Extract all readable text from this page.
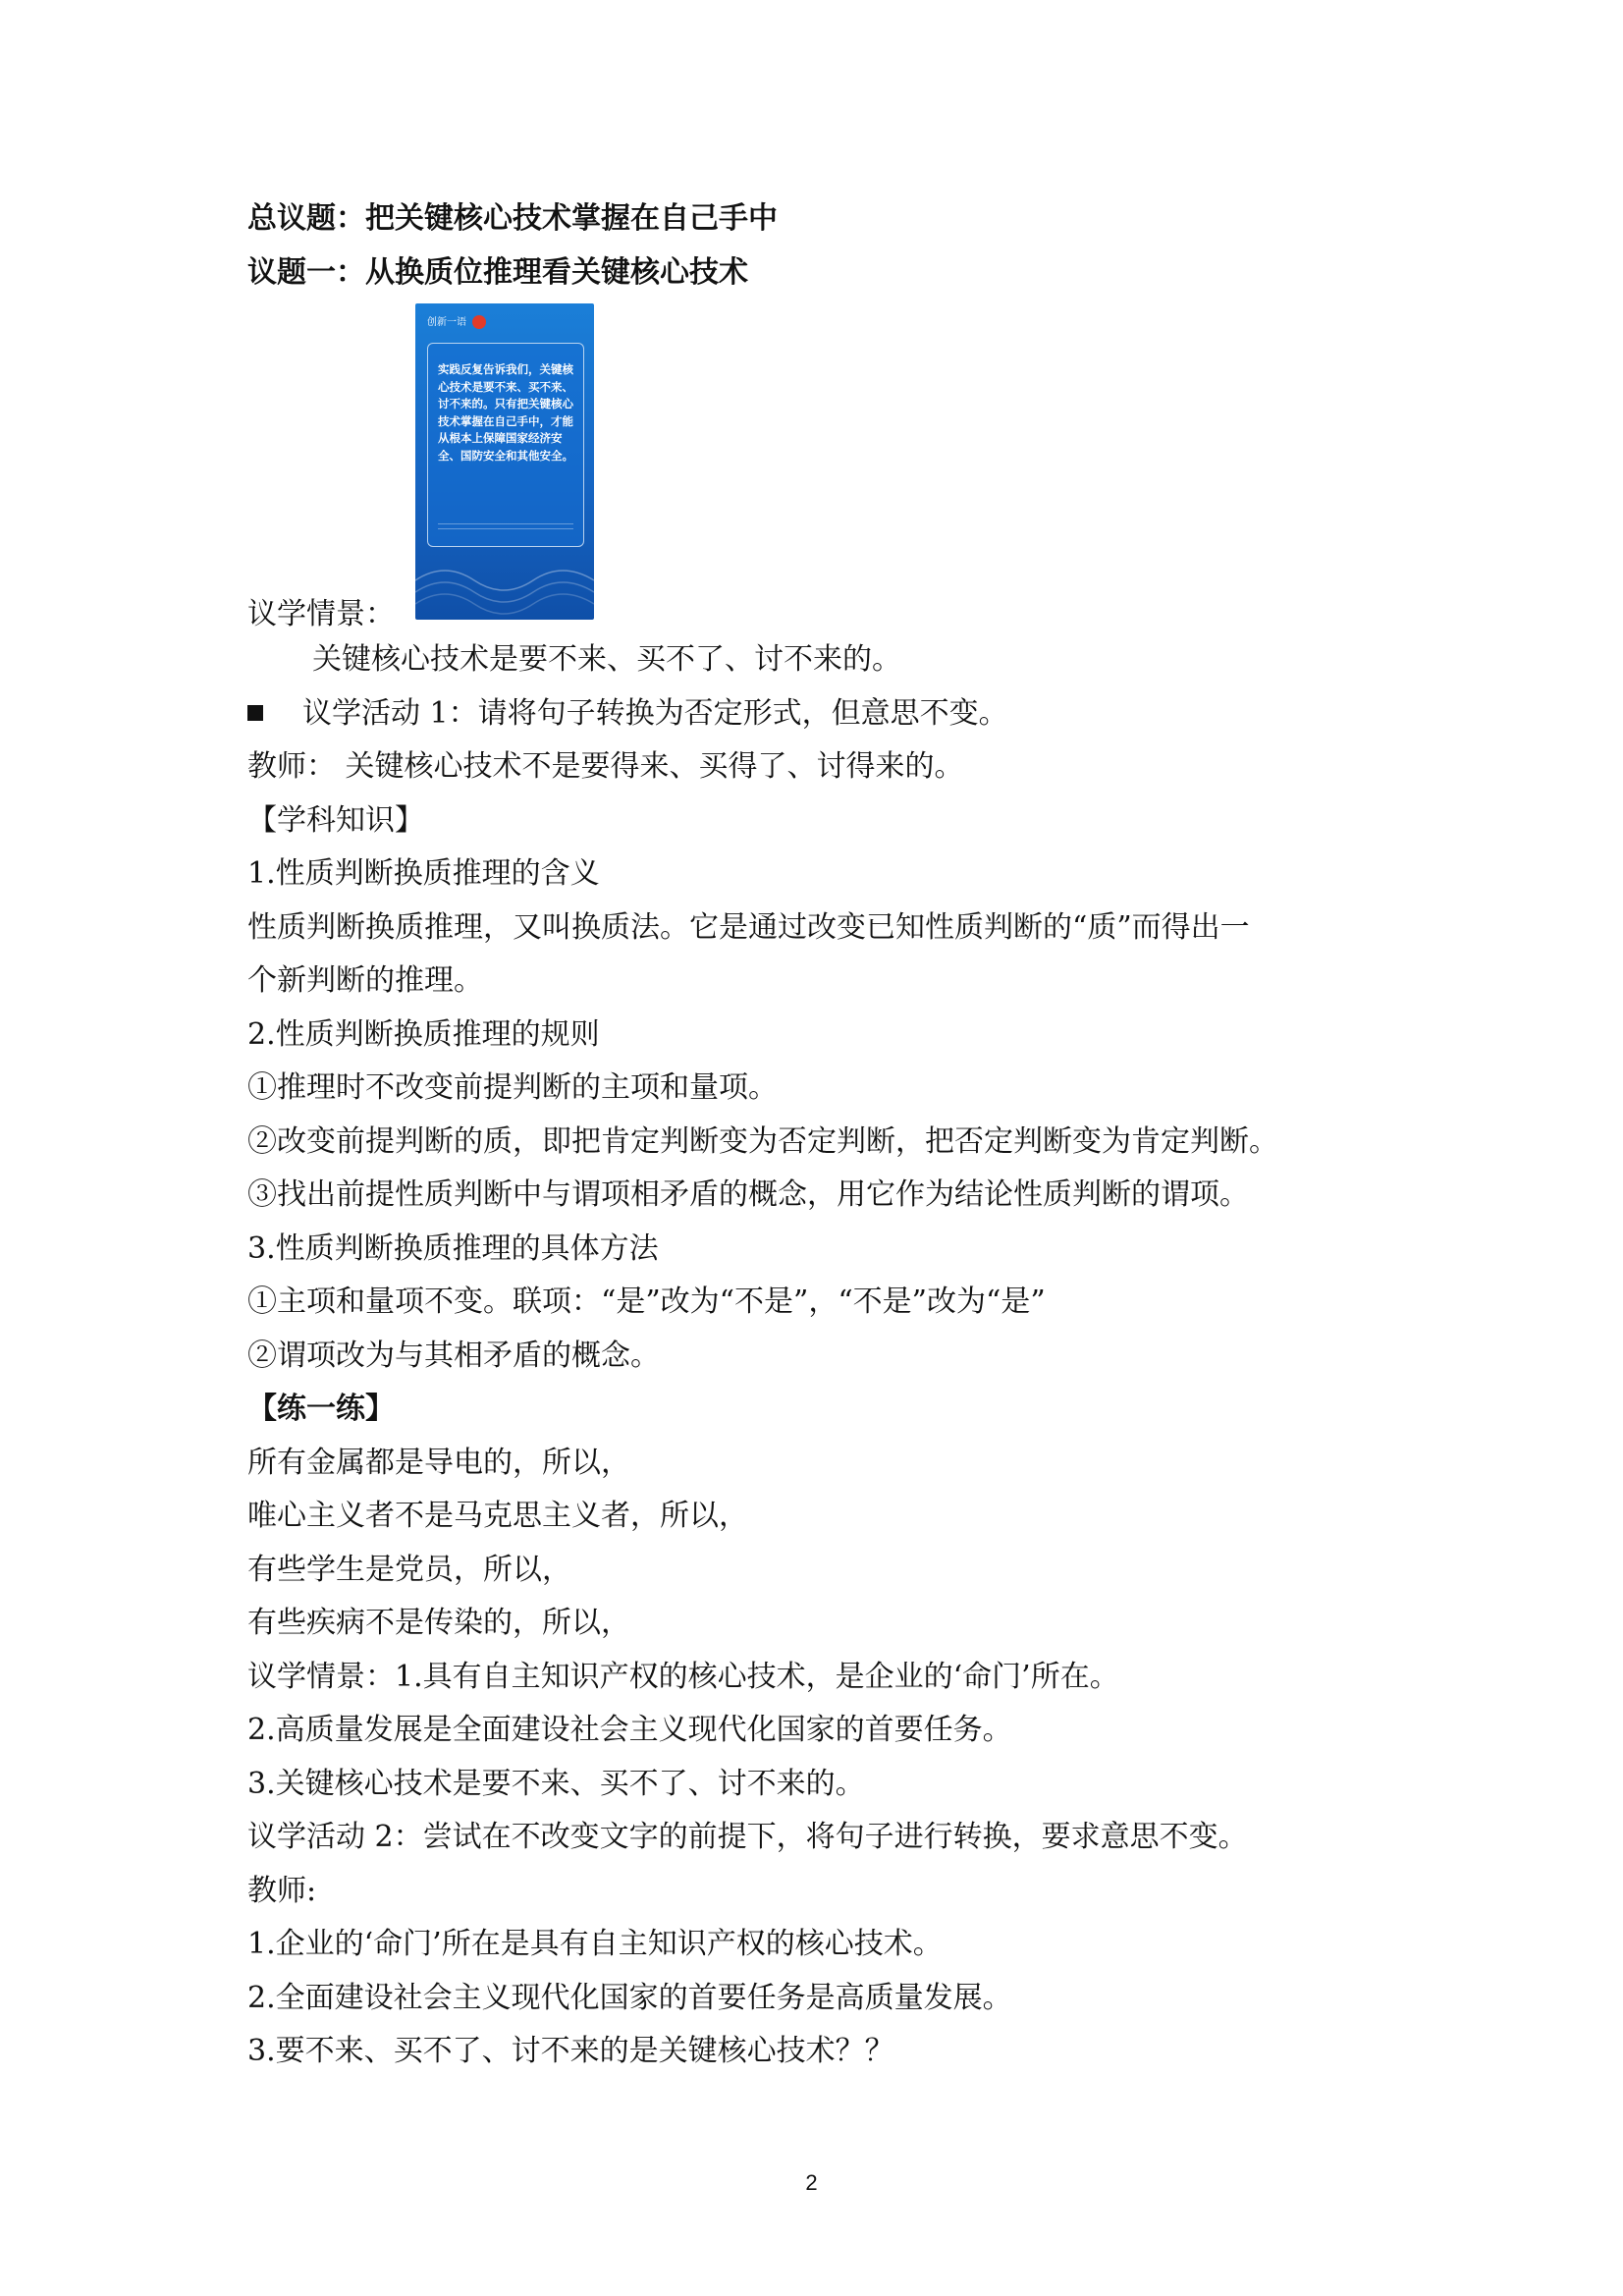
总议题：把关键核心技术掌握在自己手中
议题一：从换质位推理看关键核心技术
创新一语
实践反复告诉我们，关键核心技术是要不来、买不来、讨不来的。只有把关键核心技术掌握在自己手中，才能从根本上保障国家经济安全、国防安全和其他安全。
议学情景：
关键核心技术是要不来、买不了、讨不来的。
议学活动 1：请将句子转换为否定形式，但意思不变。
教师： 关键核心技术不是要得来、买得了、讨得来的。
【学科知识】
1.性质判断换质推理的含义
性质判断换质推理，又叫换质法。它是通过改变已知性质判断的“质”而得出一
个新判断的推理。
2.性质判断换质推理的规则
①推理时不改变前提判断的主项和量项。
②改变前提判断的质，即把肯定判断变为否定判断，把否定判断变为肯定判断。
③找出前提性质判断中与谓项相矛盾的概念，用它作为结论性质判断的谓项。
3.性质判断换质推理的具体方法
①主项和量项不变。联项：“是”改为“不是”，“不是”改为“是”
②谓项改为与其相矛盾的概念。
【练一练】
所有金属都是导电的，所以，
唯心主义者不是马克思主义者，所以，
有些学生是党员，所以，
有些疾病不是传染的，所以，
议学情景：1.具有自主知识产权的核心技术，是企业的‘命门’所在。
2.高质量发展是全面建设社会主义现代化国家的首要任务。
3.关键核心技术是要不来、买不了、讨不来的。
议学活动 2：尝试在不改变文字的前提下，将句子进行转换，要求意思不变。
教师:
1.企业的‘命门’所在是具有自主知识产权的核心技术。
2.全面建设社会主义现代化国家的首要任务是高质量发展。
3.要不来、买不了、讨不来的是关键核心技术？？
2
